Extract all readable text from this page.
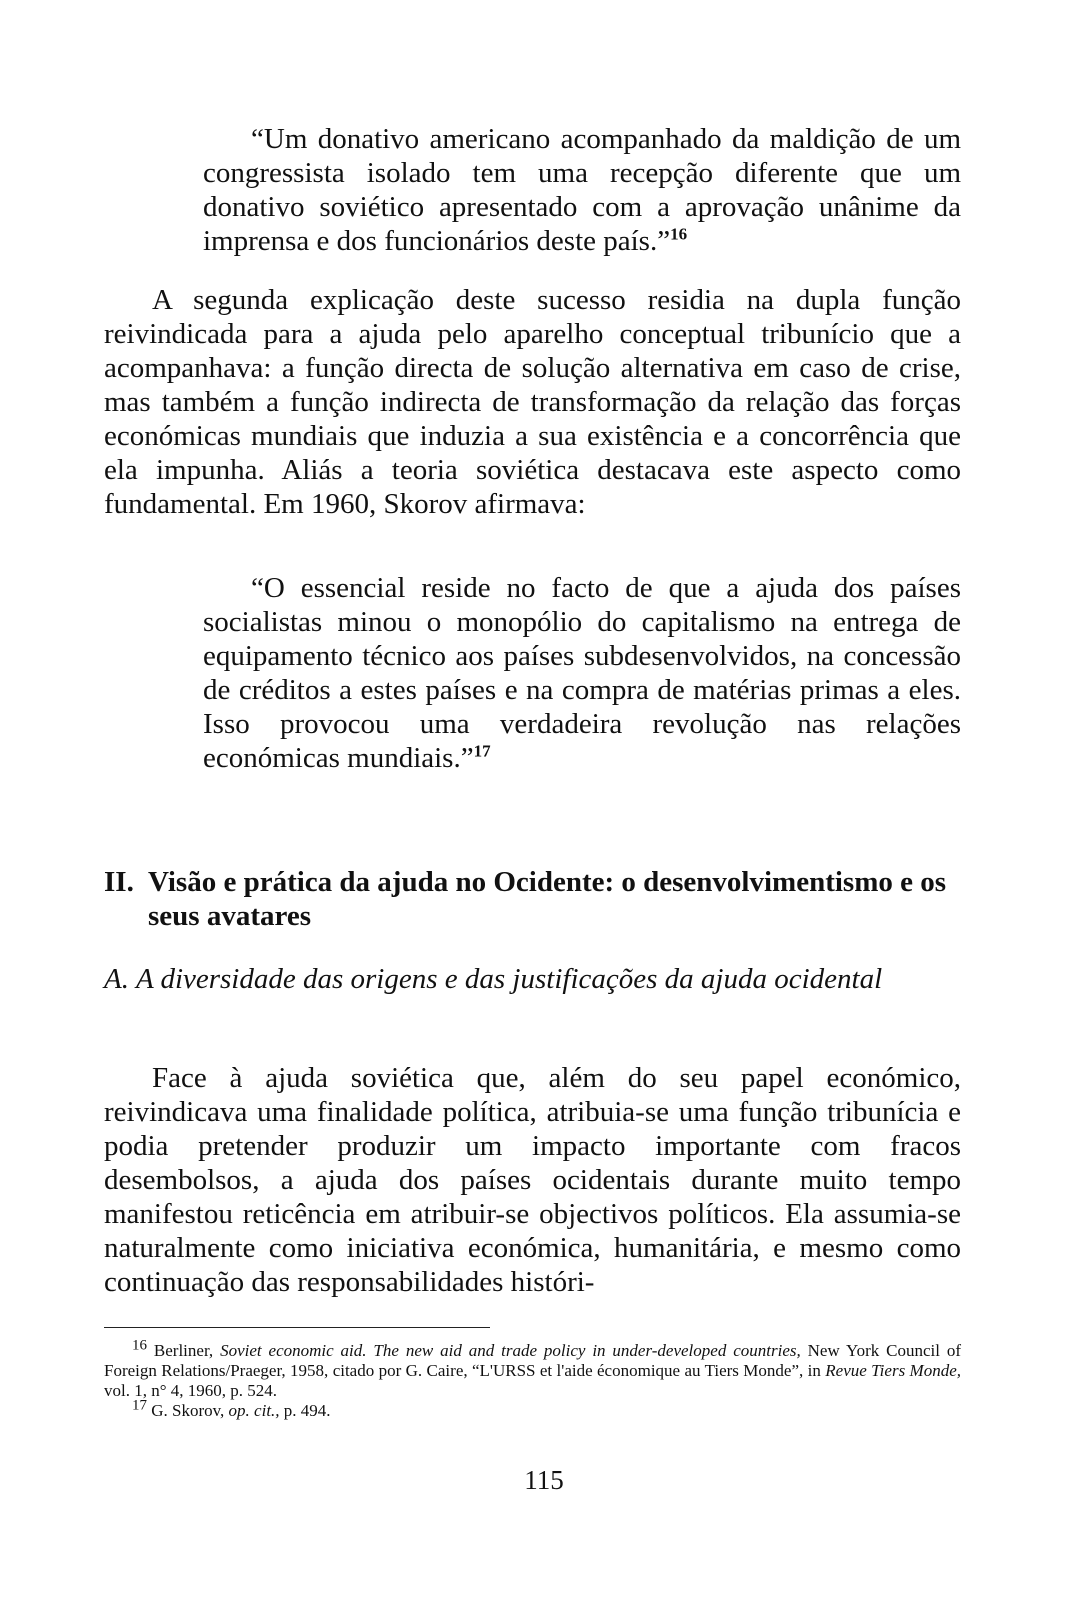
“Um donativo americano acompanhado da maldição de um congressista isolado tem uma recepção diferente que um donativo soviético apresentado com a aprovação unânime da imprensa e dos funcionários deste país.”$^{16}$

A segunda explicação deste sucesso residia na dupla função reivindicada para a ajuda pelo aparelho conceptual tribunício que a acompanhava: a função directa de solução alternativa em caso de crise, mas também a função indirecta de transformação da relação das forças económicas mundiais que induzia a sua existência e a concorrência que ela impunha. Aliás a teoria soviética destacava este aspecto como fundamental. Em 1960, Skorov afirmava:

“O essencial reside no facto de que a ajuda dos países socialistas minou o monopólio do capitalismo na entrega de equipamento técnico aos países subdesenvolvidos, na concessão de créditos a estes países e na compra de matérias primas a eles. Isso provocou uma verdadeira revolução nas relações económicas mundiais.”$^{17}$

II. Visão e prática da ajuda no Ocidente: o desenvolvimentismo e os seus avatares
A. A diversidade das origens e das justificações da ajuda ocidental

Face à ajuda soviética que, além do seu papel económico, reivindicava uma finalidade política, atribuia-se uma função tribunícia e podia pretender produzir um impacto importante com fracos desembolsos, a ajuda dos países ocidentais durante muito tempo manifestou reticência em atribuir-se objectivos políticos. Ela assumia-se naturalmente como iniciativa económica, humanitária, e mesmo como continuação das responsabilidades históri-

$^{16}$ Berliner, Soviet economic aid. The new aid and trade policy in under-developed countries, New York Council of Foreign Relations/Praeger, 1958, citado por G. Caire, “L'URSS et l'aide économique au Tiers Monde”, in Revue Tiers Monde, vol. 1, n° 4, 1960, p. 524.

$^{17}$ G. Skorov, op. cit., p. 494.

115
